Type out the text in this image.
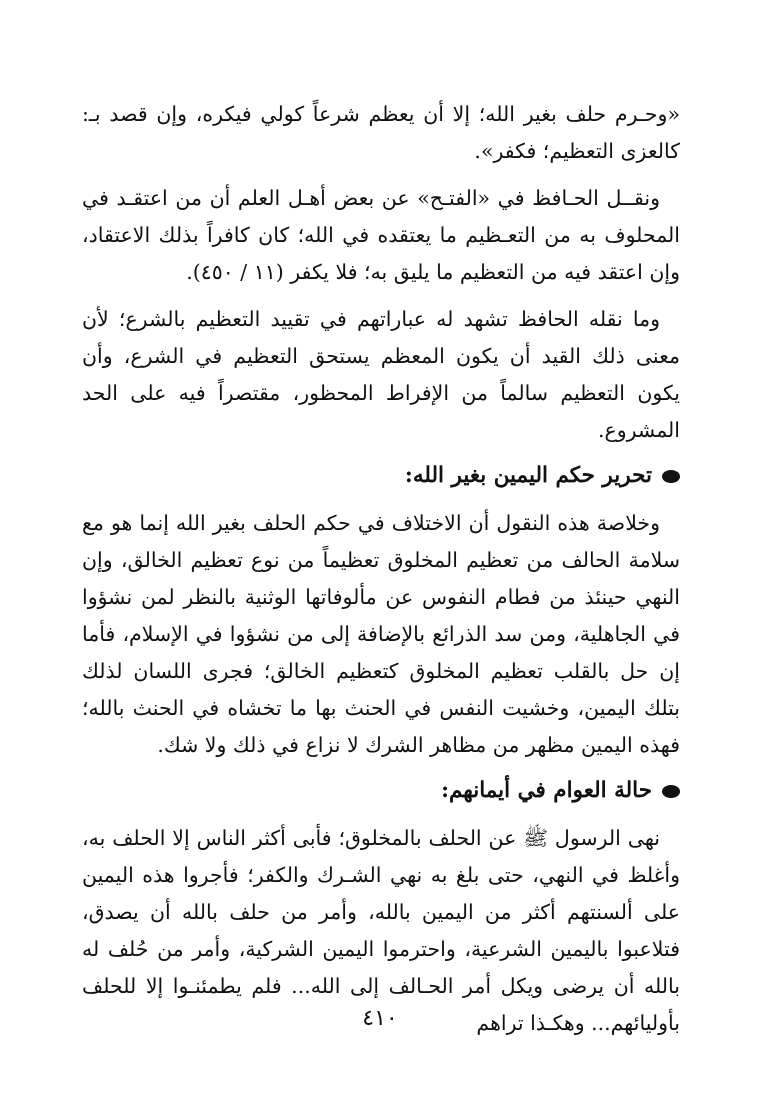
«وحـرم حلف بغير الله؛ إلا أن يعظم شرعاً كولي فيكره، وإن قصد بـ: كالعزى التعظيم؛ فكفر».

ونقــل الحـافظ في «الفتـح» عن بعض أهـل العلم أن من اعتقـد في المحلوف به من التعـظيم ما يعتقده في الله؛ كان كافراً بذلك الاعتقاد، وإن اعتقد فيه من التعظيم ما يليق به؛ فلا يكفر (١١ / ٤٥٠).

وما نقله الحافظ تشهد له عباراتهم في تقييد التعظيم بالشرع؛ لأن معنى ذلك القيد أن يكون المعظم يستحق التعظيم في الشرع، وأن يكون التعظيم سالماً من الإفراط المحظور، مقتصراً فيه على الحد المشروع.

تحرير حكم اليمين بغير الله:

وخلاصة هذه النقول أن الاختلاف في حكم الحلف بغير الله إنما هو مع سلامة الحالف من تعظيم المخلوق تعظيماً من نوع تعظيم الخالق، وإن النهي حينئذ من فطام النفوس عن مألوفاتها الوثنية بالنظر لمن نشؤوا في الجاهلية، ومن سد الذرائع بالإضافة إلى من نشؤوا في الإسلام، فأما إن حل بالقلب تعظيم المخلوق كتعظيم الخالق؛ فجرى اللسان لذلك بتلك اليمين، وخشيت النفس في الحنث بها ما تخشاه في الحنث بالله؛ فهذه اليمين مظهر من مظاهر الشرك لا نزاع في ذلك ولا شك.

حالة العوام في أيمانهم:

نهى الرسول ﷺ عن الحلف بالمخلوق؛ فأبى أكثر الناس إلا الحلف به، وأغلظ في النهي، حتى بلغ به نهي الشـرك والكفر؛ فأجروا هذه اليمين على ألسنتهم أكثر من اليمين بالله، وأمر من حلف بالله أن يصدق، فتلاعبوا باليمين الشرعية، واحترموا اليمين الشركية، وأمر من حُلف له بالله أن يرضى ويكل أمر الحـالف إلى الله... فلم يطمئنـوا إلا للحلف بأوليائهم... وهكـذا تراهم

٤١٠
